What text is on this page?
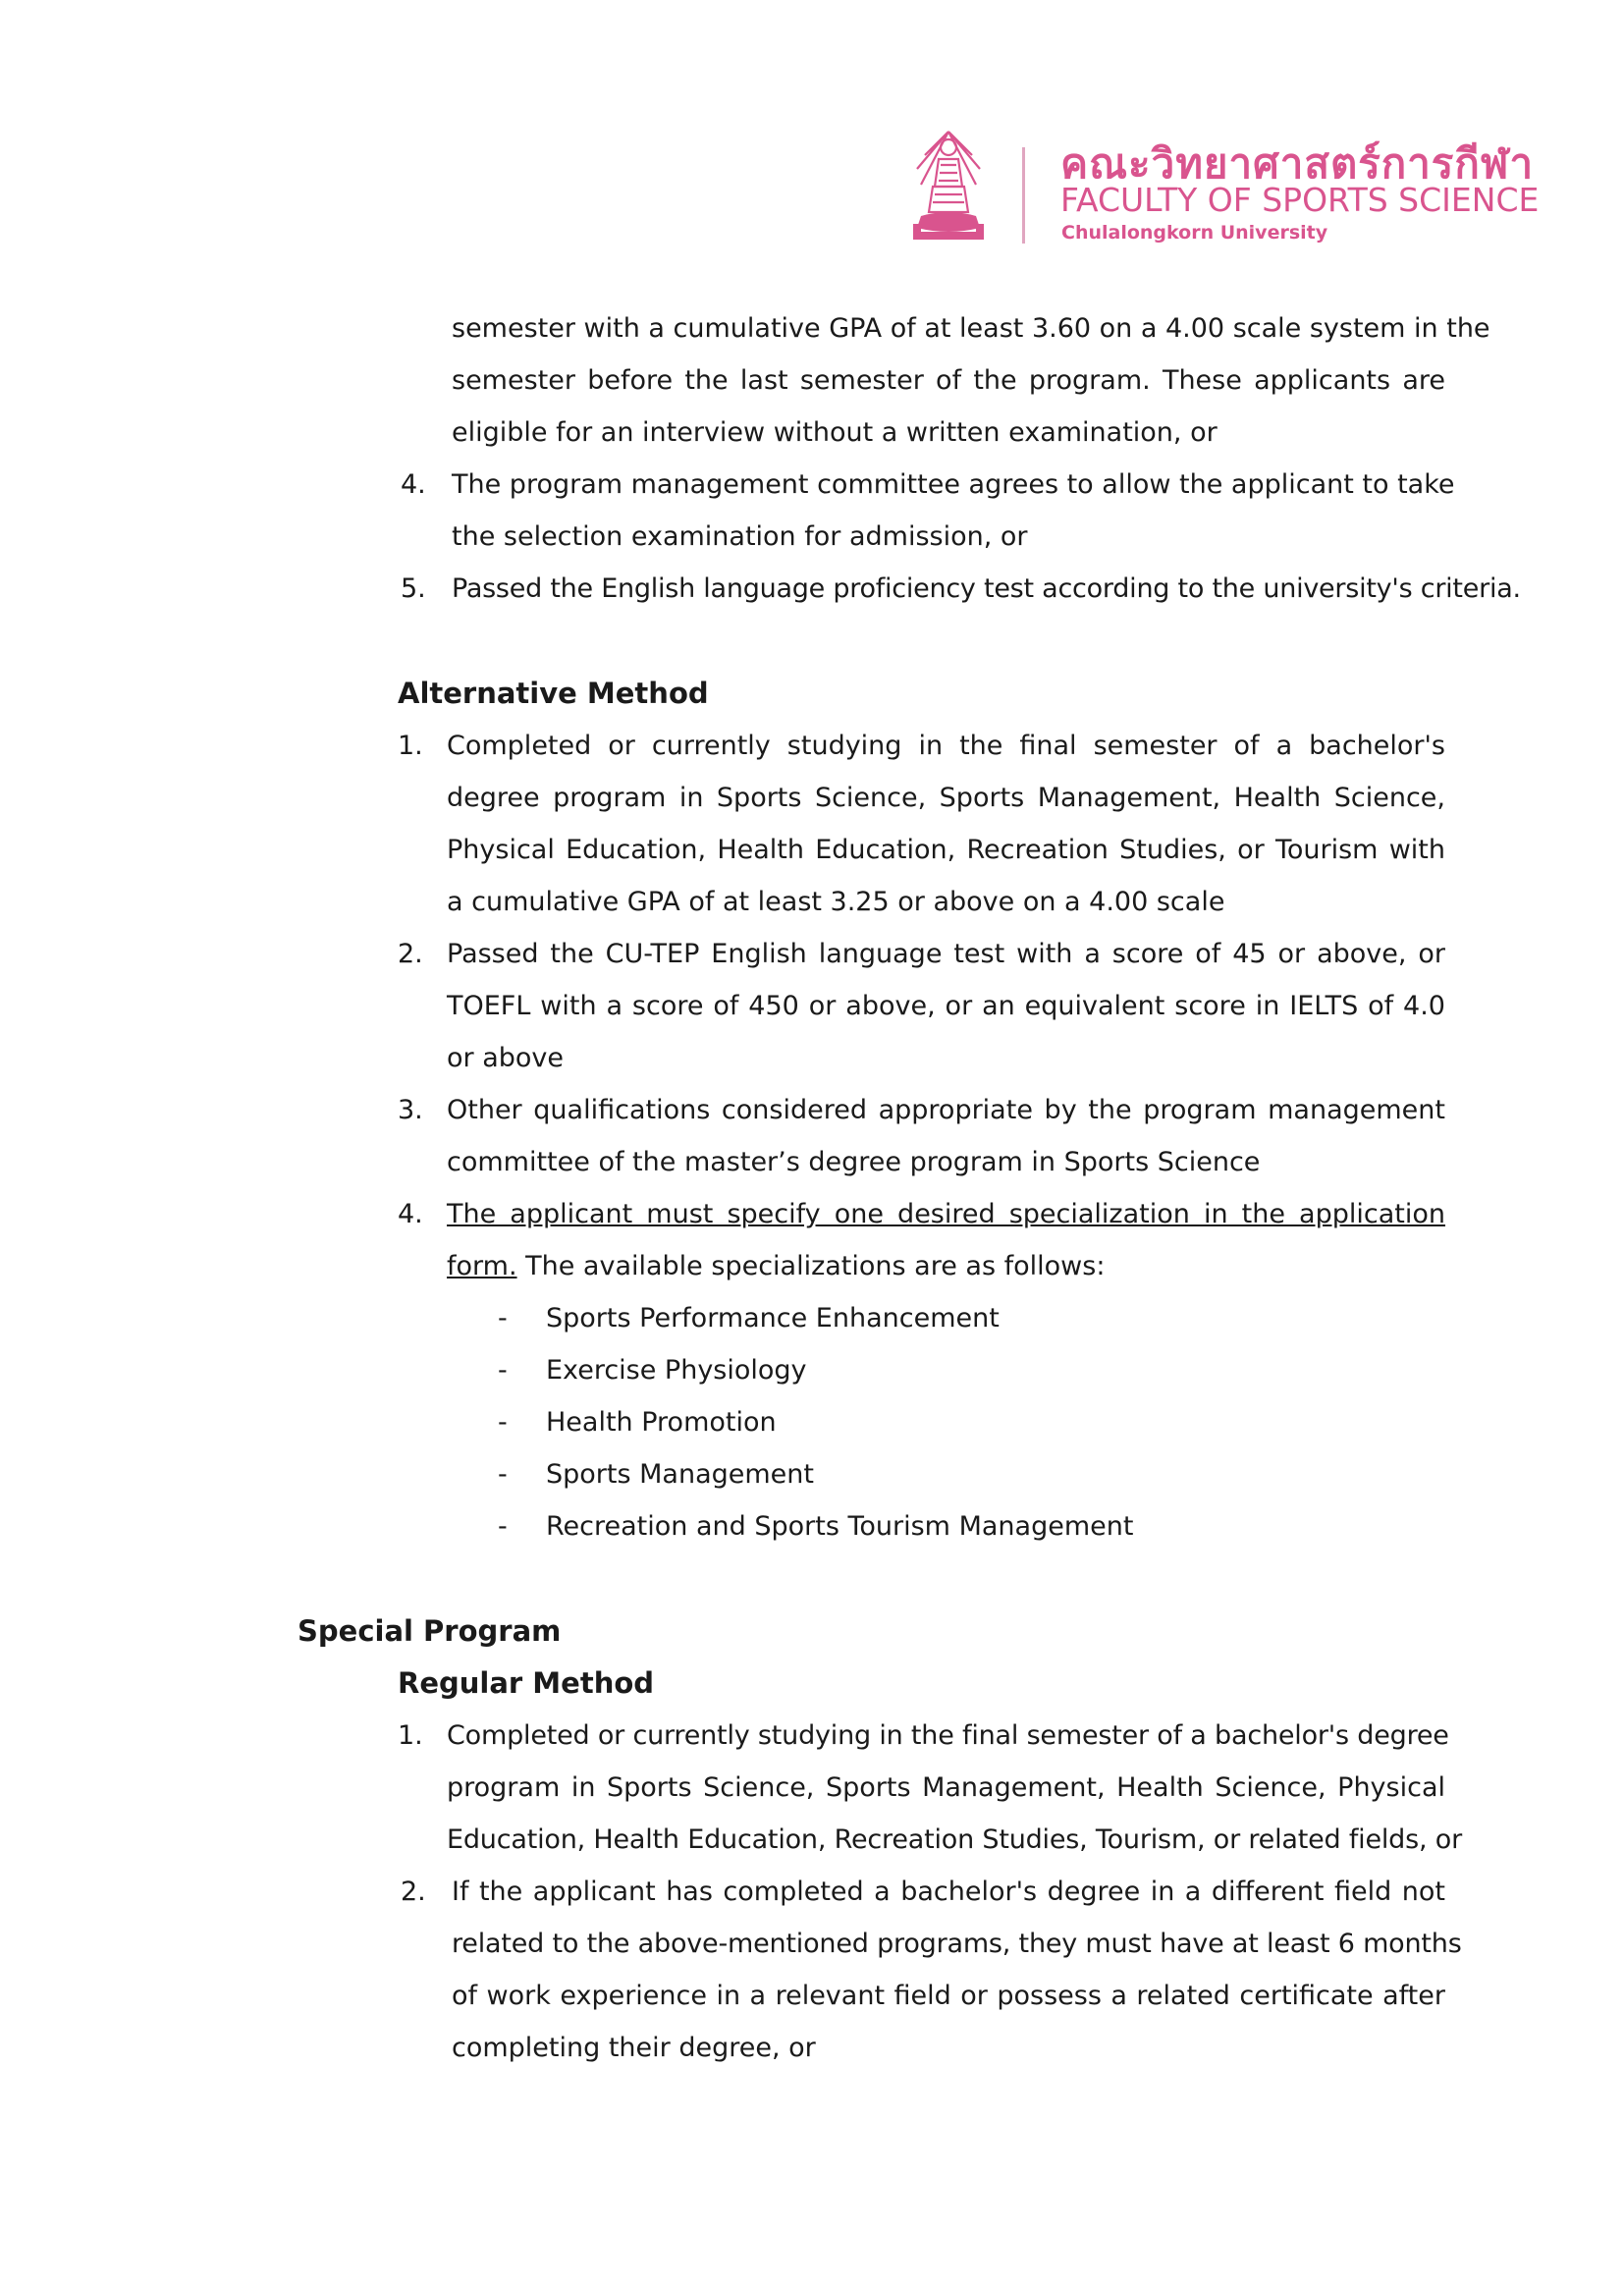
คณะวิทยาศาสตร์การกีฬา
FACULTY OF SPORTS SCIENCE
Chulalongkorn University
semester with a cumulative GPA of at least 3.60 on a 4.00 scale system in the
semester before the last semester of the program. These applicants are
eligible for an interview without a written examination, or
4. The program management committee agrees to allow the applicant to take
the selection examination for admission, or
5. Passed the English language proficiency test according to the university's criteria.
Alternative Method
1. Completed or currently studying in the final semester of a bachelor's
degree program in Sports Science, Sports Management, Health Science,
Physical Education, Health Education, Recreation Studies, or Tourism with
a cumulative GPA of at least 3.25 or above on a 4.00 scale
2. Passed the CU-TEP English language test with a score of 45 or above, or
TOEFL with a score of 450 or above, or an equivalent score in IELTS of 4.0
or above
3. Other qualifications considered appropriate by the program management
committee of the master’s degree program in Sports Science
4. The applicant must specify one desired specialization in the application
form. The available specializations are as follows:
- Sports Performance Enhancement
- Exercise Physiology
- Health Promotion
- Sports Management
- Recreation and Sports Tourism Management
Special Program
Regular Method
1. Completed or currently studying in the final semester of a bachelor's degree
program in Sports Science, Sports Management, Health Science, Physical
Education, Health Education, Recreation Studies, Tourism, or related fields, or
2. If the applicant has completed a bachelor's degree in a different field not
related to the above-mentioned programs, they must have at least 6 months
of work experience in a relevant field or possess a related certificate after
completing their degree, or
